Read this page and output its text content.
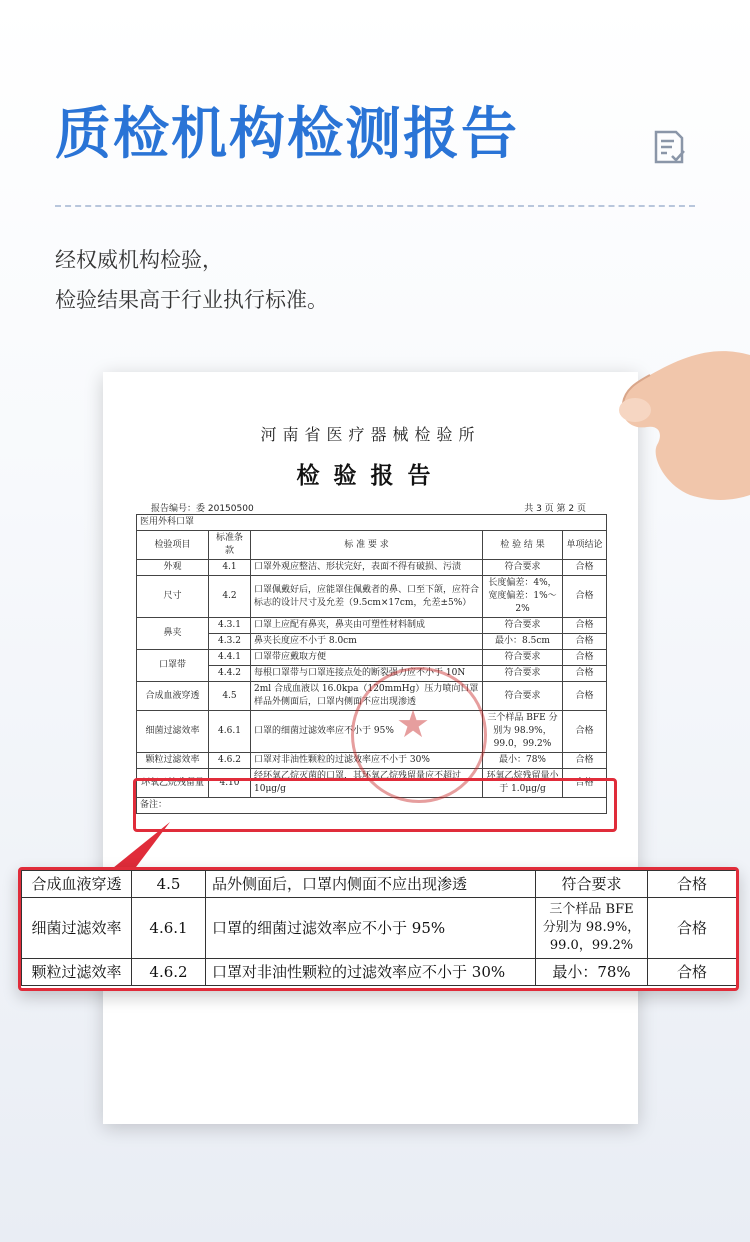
质检机构检测报告

经权威机构检验，

检验结果高于行业执行标准。

河南省医疗器械检验所
检验报告
报告编号：委 20150500	共 3 页 第 2 页
医用外科口罩				
检验项目	标准条款	标 准 要 求	检 验 结 果	单项结论
外观	4.1	口罩外观应整洁、形状完好，表面不得有破损、污渍	符合要求	合格
尺寸	4.2	口罩佩戴好后，应能罩住佩戴者的鼻、口至下颌，应符合标志的设计尺寸及允差（9.5cm×17cm，允差±5%）	长度偏差：4%，宽度偏差：1%～2%	合格
鼻夹	4.3.1	口罩上应配有鼻夹，鼻夹由可塑性材料制成	符合要求	合格
	4.3.2	鼻夹长度应不小于 8.0cm	最小：8.5cm	合格
口罩带	4.4.1	口罩带应戴取方便	符合要求	合格
	4.4.2	每根口罩带与口罩连接点处的断裂强力应不小于 10N	符合要求	合格
合成血液穿透	4.5	2ml 合成血液以 16.0kpa（120mmHg）压力喷向口罩样品外侧面后，口罩内侧面不应出现渗透	符合要求	合格
细菌过滤效率	4.6.1	口罩的细菌过滤效率应不小于 95%	三个样品 BFE 分别为 98.9%，99.0，99.2%	合格
颗粒过滤效率	4.6.2	口罩对非油性颗粒的过滤效率应不小于 30%	最小：78%	合格
环氧乙烷残留量	4.10	经环氧乙烷灭菌的口罩，其环氧乙烷残留量应不超过 10μg/g	环氧乙烷残留量小于 1.0μg/g	合格
备注：				
★
合成血液穿透	4.5	品外侧面后，口罩内侧面不应出现渗透	符合要求	合格
细菌过滤效率	4.6.1	口罩的细菌过滤效率应不小于 95%	三个样品 BFE 分别为 98.9%，99.0，99.2%	合格
颗粒过滤效率	4.6.2	口罩对非油性颗粒的过滤效率应不小于 30%	最小：78%	合格
